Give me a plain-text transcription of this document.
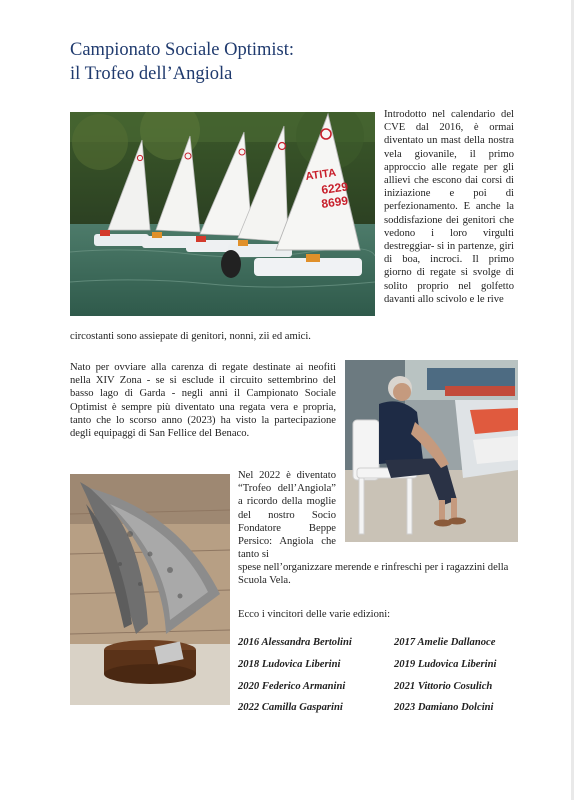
Campionato Sociale Optimist:
il Trofeo dell’Angiola
ATITA
6229
8699

Introdotto nel calendario del CVE dal 2016, è ormai diventato un mast della nostra vela giovanile, il primo approccio alle regate per gli allievi che escono dai corsi di iniziazione e poi di perfezionamento. E anche la soddisfazione dei genitori che vedono i loro virgulti destreggiar- si in partenze, giri di boa, incroci. Il primo giorno di regate si svolge di solito proprio nel golfetto davanti allo scivolo e le rive

circostanti sono assiepate di genitori, nonni, zii ed amici.

Nato per ovviare alla carenza di regate destinate ai neofiti nella XIV Zona - se si esclude il circuito settembrino del basso lago di Garda - negli anni il Campionato Sociale Optimist è sempre più diventato una regata vera e propria, tanto che lo scorso anno (2023) ha visto la partecipazione degli equipaggi di San Fellice del Benaco.

Nel 2022 è diventato “Trofeo dell’Angiola” a ricordo della moglie del nostro Socio Fondatore Beppe Persico: Angiola che tanto si

spese nell’organizzare merende e rinfreschi per i ragazzini della Scuola Vela.

Ecco i vincitori delle varie edizioni:

2016 Alessandra Bertolini	2017 Amelie Dallanoce
2018 Ludovica Liberini	2019 Ludovica Liberini
2020 Federico Armanini	2021 Vittorio Cosulich
2022 Camilla Gasparini	2023 Damiano Dolcini
